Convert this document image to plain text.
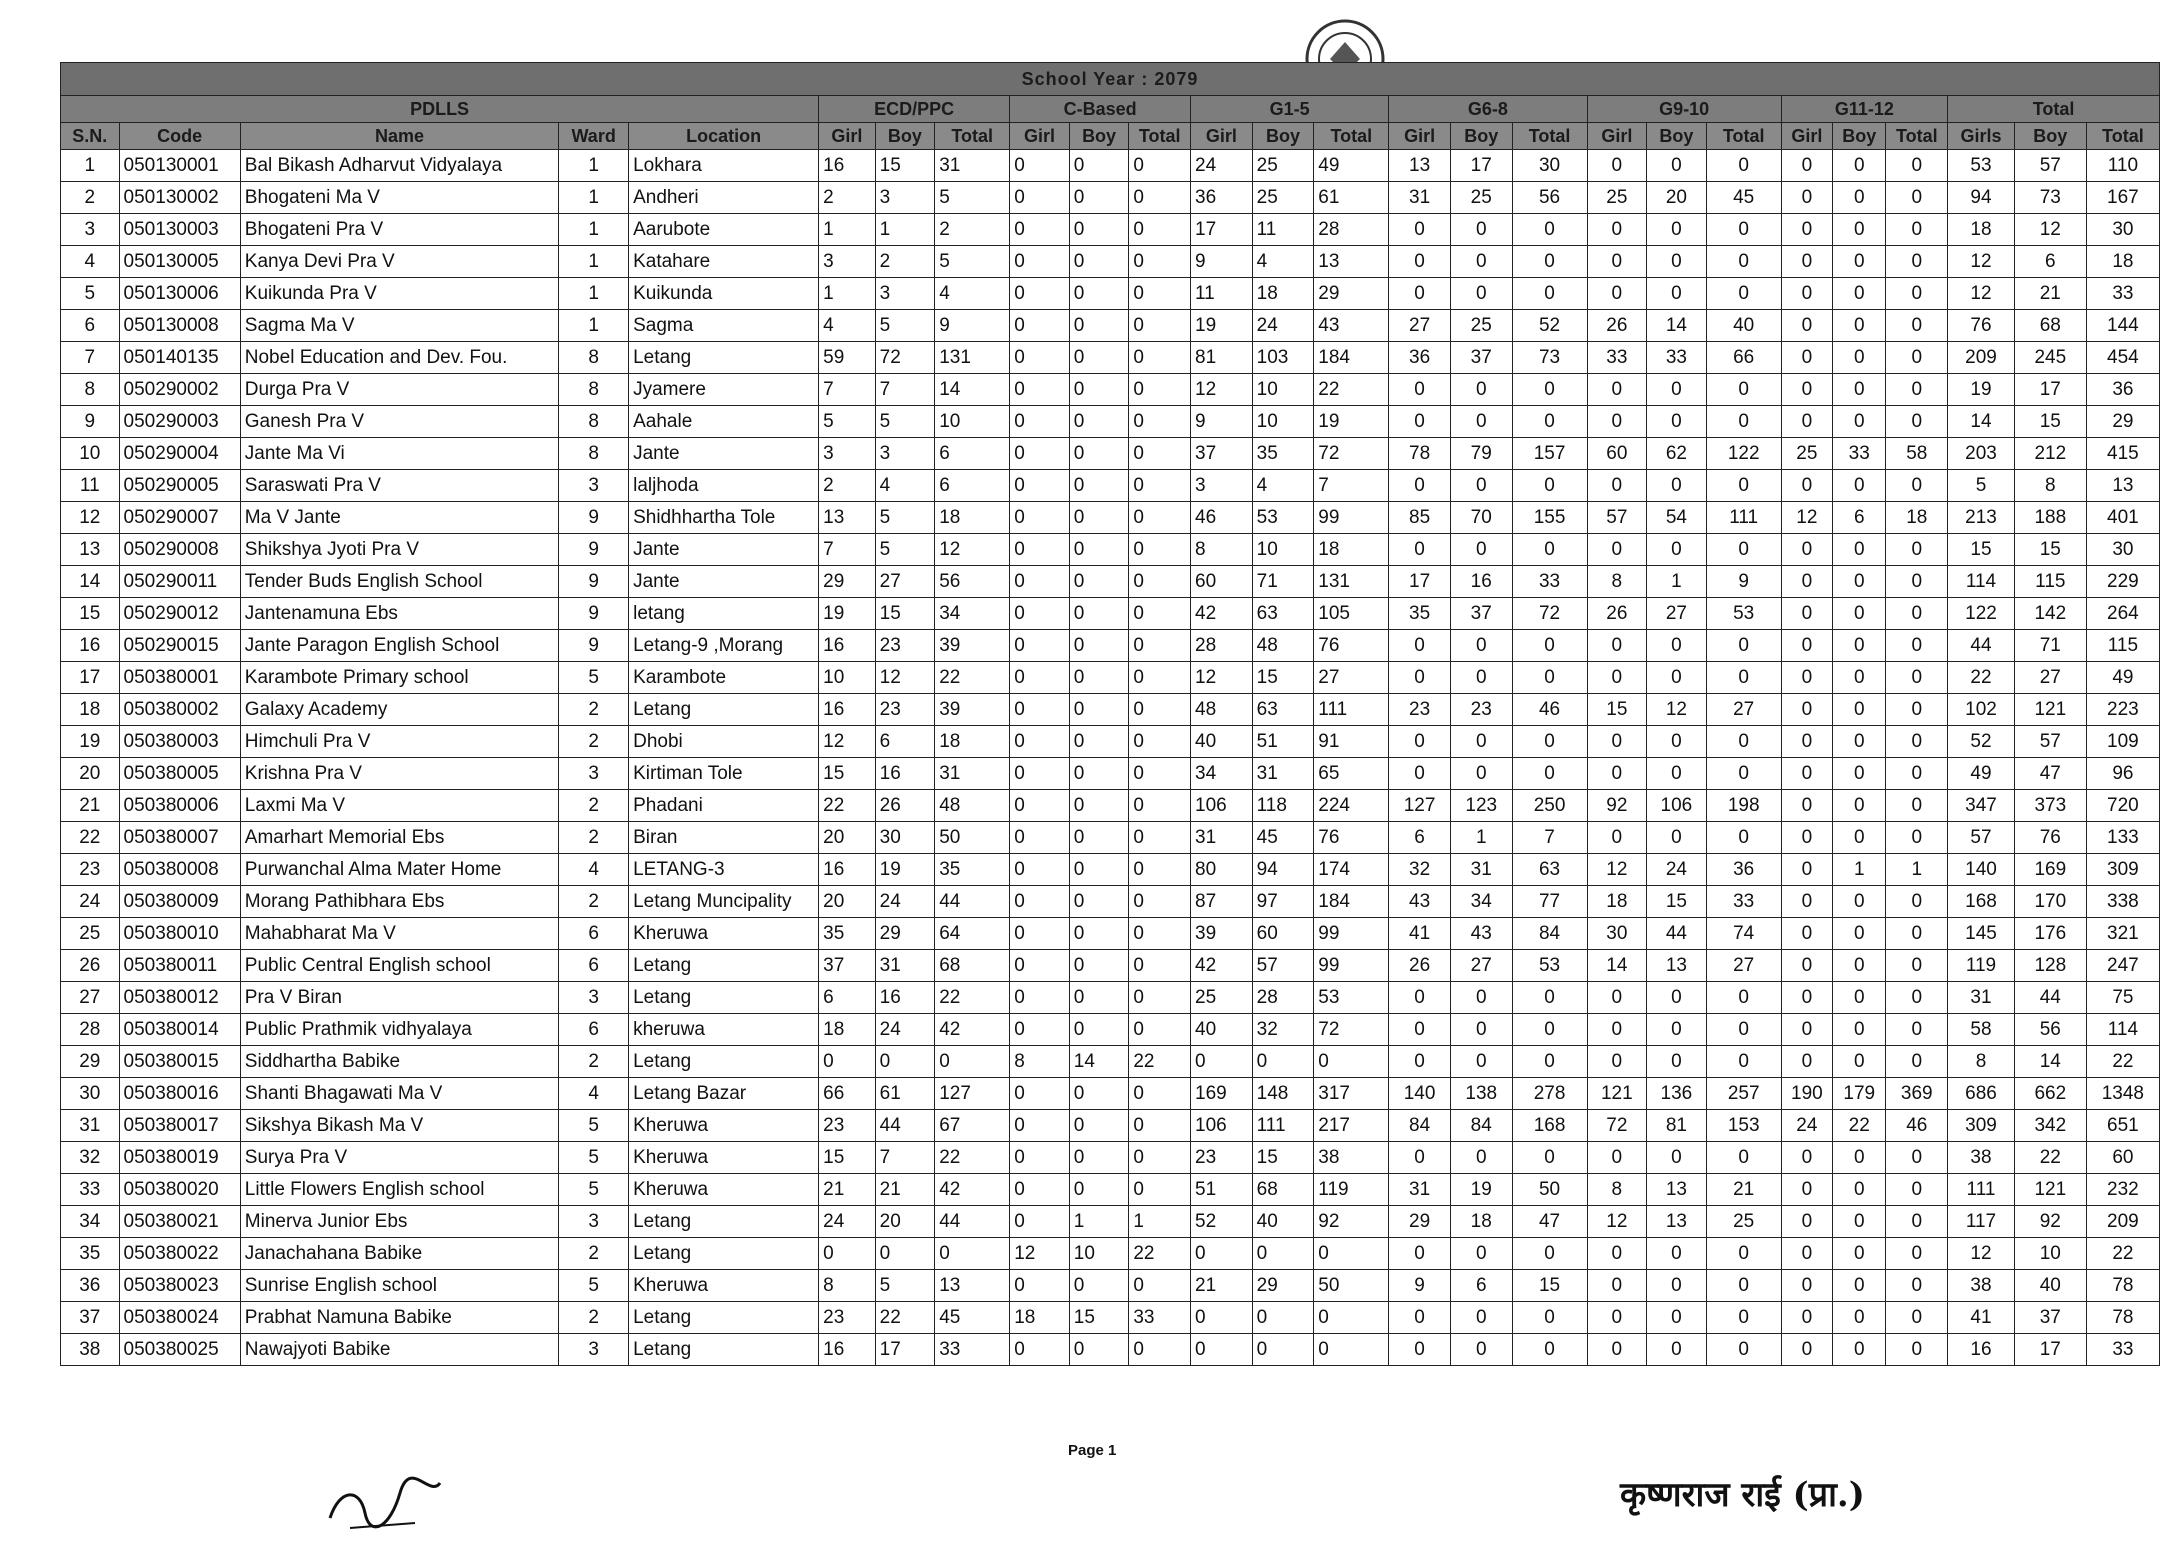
School Year : 2079																									
PDLLS					ECD/PPC			C-Based			G1-5			G6-8			G9-10			G11-12			Total		
S.N.	Code	Name	Ward	Location	Girl	Boy	Total	Girl	Boy	Total	Girl	Boy	Total	Girl	Boy	Total	Girl	Boy	Total	Girl	Boy	Total	Girls	Boy	Total
1	050130001	Bal Bikash Adharvut Vidyalaya	1	Lokhara	16	15	31	0	0	0	24	25	49	13	17	30	0	0	0	0	0	0	53	57	110
2	050130002	Bhogateni Ma V	1	Andheri	2	3	5	0	0	0	36	25	61	31	25	56	25	20	45	0	0	0	94	73	167
3	050130003	Bhogateni Pra V	1	Aarubote	1	1	2	0	0	0	17	11	28	0	0	0	0	0	0	0	0	0	18	12	30
4	050130005	Kanya Devi Pra V	1	Katahare	3	2	5	0	0	0	9	4	13	0	0	0	0	0	0	0	0	0	12	6	18
5	050130006	Kuikunda Pra V	1	Kuikunda	1	3	4	0	0	0	11	18	29	0	0	0	0	0	0	0	0	0	12	21	33
6	050130008	Sagma Ma V	1	Sagma	4	5	9	0	0	0	19	24	43	27	25	52	26	14	40	0	0	0	76	68	144
7	050140135	Nobel Education and Dev. Fou.	8	Letang	59	72	131	0	0	0	81	103	184	36	37	73	33	33	66	0	0	0	209	245	454
8	050290002	Durga Pra V	8	Jyamere	7	7	14	0	0	0	12	10	22	0	0	0	0	0	0	0	0	0	19	17	36
9	050290003	Ganesh Pra V	8	Aahale	5	5	10	0	0	0	9	10	19	0	0	0	0	0	0	0	0	0	14	15	29
10	050290004	Jante Ma Vi	8	Jante	3	3	6	0	0	0	37	35	72	78	79	157	60	62	122	25	33	58	203	212	415
11	050290005	Saraswati Pra V	3	laljhoda	2	4	6	0	0	0	3	4	7	0	0	0	0	0	0	0	0	0	5	8	13
12	050290007	Ma V Jante	9	Shidhhartha Tole	13	5	18	0	0	0	46	53	99	85	70	155	57	54	111	12	6	18	213	188	401
13	050290008	Shikshya Jyoti Pra V	9	Jante	7	5	12	0	0	0	8	10	18	0	0	0	0	0	0	0	0	0	15	15	30
14	050290011	Tender Buds English School	9	Jante	29	27	56	0	0	0	60	71	131	17	16	33	8	1	9	0	0	0	114	115	229
15	050290012	Jantenamuna Ebs	9	letang	19	15	34	0	0	0	42	63	105	35	37	72	26	27	53	0	0	0	122	142	264
16	050290015	Jante Paragon English School	9	Letang-9 ,Morang	16	23	39	0	0	0	28	48	76	0	0	0	0	0	0	0	0	0	44	71	115
17	050380001	Karambote Primary school	5	Karambote	10	12	22	0	0	0	12	15	27	0	0	0	0	0	0	0	0	0	22	27	49
18	050380002	Galaxy Academy	2	Letang	16	23	39	0	0	0	48	63	111	23	23	46	15	12	27	0	0	0	102	121	223
19	050380003	Himchuli Pra V	2	Dhobi	12	6	18	0	0	0	40	51	91	0	0	0	0	0	0	0	0	0	52	57	109
20	050380005	Krishna Pra V	3	Kirtiman Tole	15	16	31	0	0	0	34	31	65	0	0	0	0	0	0	0	0	0	49	47	96
21	050380006	Laxmi Ma V	2	Phadani	22	26	48	0	0	0	106	118	224	127	123	250	92	106	198	0	0	0	347	373	720
22	050380007	Amarhart Memorial Ebs	2	Biran	20	30	50	0	0	0	31	45	76	6	1	7	0	0	0	0	0	0	57	76	133
23	050380008	Purwanchal Alma Mater Home	4	LETANG-3	16	19	35	0	0	0	80	94	174	32	31	63	12	24	36	0	1	1	140	169	309
24	050380009	Morang Pathibhara Ebs	2	Letang Muncipality	20	24	44	0	0	0	87	97	184	43	34	77	18	15	33	0	0	0	168	170	338
25	050380010	Mahabharat Ma V	6	Kheruwa	35	29	64	0	0	0	39	60	99	41	43	84	30	44	74	0	0	0	145	176	321
26	050380011	Public Central English school	6	Letang	37	31	68	0	0	0	42	57	99	26	27	53	14	13	27	0	0	0	119	128	247
27	050380012	Pra V Biran	3	Letang	6	16	22	0	0	0	25	28	53	0	0	0	0	0	0	0	0	0	31	44	75
28	050380014	Public Prathmik vidhyalaya	6	kheruwa	18	24	42	0	0	0	40	32	72	0	0	0	0	0	0	0	0	0	58	56	114
29	050380015	Siddhartha Babike	2	Letang	0	0	0	8	14	22	0	0	0	0	0	0	0	0	0	0	0	0	8	14	22
30	050380016	Shanti Bhagawati Ma V	4	Letang Bazar	66	61	127	0	0	0	169	148	317	140	138	278	121	136	257	190	179	369	686	662	1348
31	050380017	Sikshya Bikash Ma V	5	Kheruwa	23	44	67	0	0	0	106	111	217	84	84	168	72	81	153	24	22	46	309	342	651
32	050380019	Surya Pra V	5	Kheruwa	15	7	22	0	0	0	23	15	38	0	0	0	0	0	0	0	0	0	38	22	60
33	050380020	Little Flowers English school	5	Kheruwa	21	21	42	0	0	0	51	68	119	31	19	50	8	13	21	0	0	0	111	121	232
34	050380021	Minerva Junior Ebs	3	Letang	24	20	44	0	1	1	52	40	92	29	18	47	12	13	25	0	0	0	117	92	209
35	050380022	Janachahana Babike	2	Letang	0	0	0	12	10	22	0	0	0	0	0	0	0	0	0	0	0	0	12	10	22
36	050380023	Sunrise English school	5	Kheruwa	8	5	13	0	0	0	21	29	50	9	6	15	0	0	0	0	0	0	38	40	78
37	050380024	Prabhat Namuna Babike	2	Letang	23	22	45	18	15	33	0	0	0	0	0	0	0	0	0	0	0	0	41	37	78
38	050380025	Nawajyoti Babike	3	Letang	16	17	33	0	0	0	0	0	0	0	0	0	0	0	0	0	0	0	16	17	33
Page 1
कृष्णराज राई (प्रा.)
